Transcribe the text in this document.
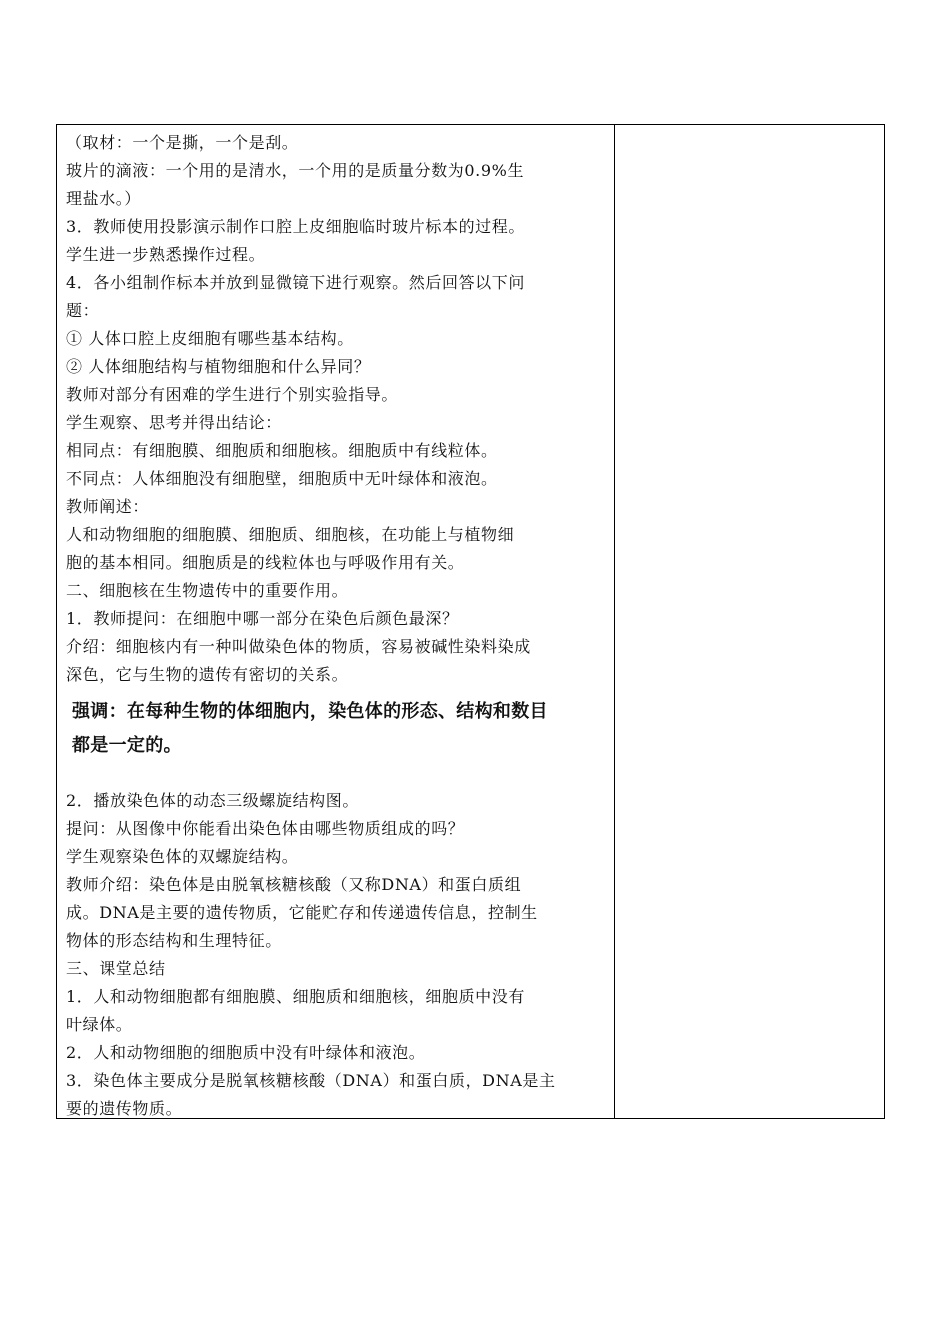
（取材：一个是撕，一个是刮。
玻片的滴液：一个用的是清水，一个用的是质量分数为0.9%生
理盐水。）
3．教师使用投影演示制作口腔上皮细胞临时玻片标本的过程。
学生进一步熟悉操作过程。
4．各小组制作标本并放到显微镜下进行观察。然后回答以下问
题：
① 人体口腔上皮细胞有哪些基本结构。
② 人体细胞结构与植物细胞和什么异同？
教师对部分有困难的学生进行个别实验指导。
学生观察、思考并得出结论：
相同点：有细胞膜、细胞质和细胞核。细胞质中有线粒体。
不同点：人体细胞没有细胞壁，细胞质中无叶绿体和液泡。
教师阐述：
人和动物细胞的细胞膜、细胞质、细胞核，在功能上与植物细
胞的基本相同。细胞质是的线粒体也与呼吸作用有关。
二、细胞核在生物遗传中的重要作用。
1．教师提问：在细胞中哪一部分在染色后颜色最深？
介绍：细胞核内有一种叫做染色体的物质，容易被碱性染料染成
深色，它与生物的遗传有密切的关系。
强调：在每种生物的体细胞内，染色体的形态、结构和数目
都是一定的。
2．播放染色体的动态三级螺旋结构图。
提问：从图像中你能看出染色体由哪些物质组成的吗？
学生观察染色体的双螺旋结构。
教师介绍：染色体是由脱氧核糖核酸（又称DNA）和蛋白质组
成。DNA是主要的遗传物质，它能贮存和传递遗传信息，控制生
物体的形态结构和生理特征。
三、课堂总结
1．人和动物细胞都有细胞膜、细胞质和细胞核，细胞质中没有
叶绿体。
2．人和动物细胞的细胞质中没有叶绿体和液泡。
3．染色体主要成分是脱氧核糖核酸（DNA）和蛋白质，DNA是主
要的遗传物质。
